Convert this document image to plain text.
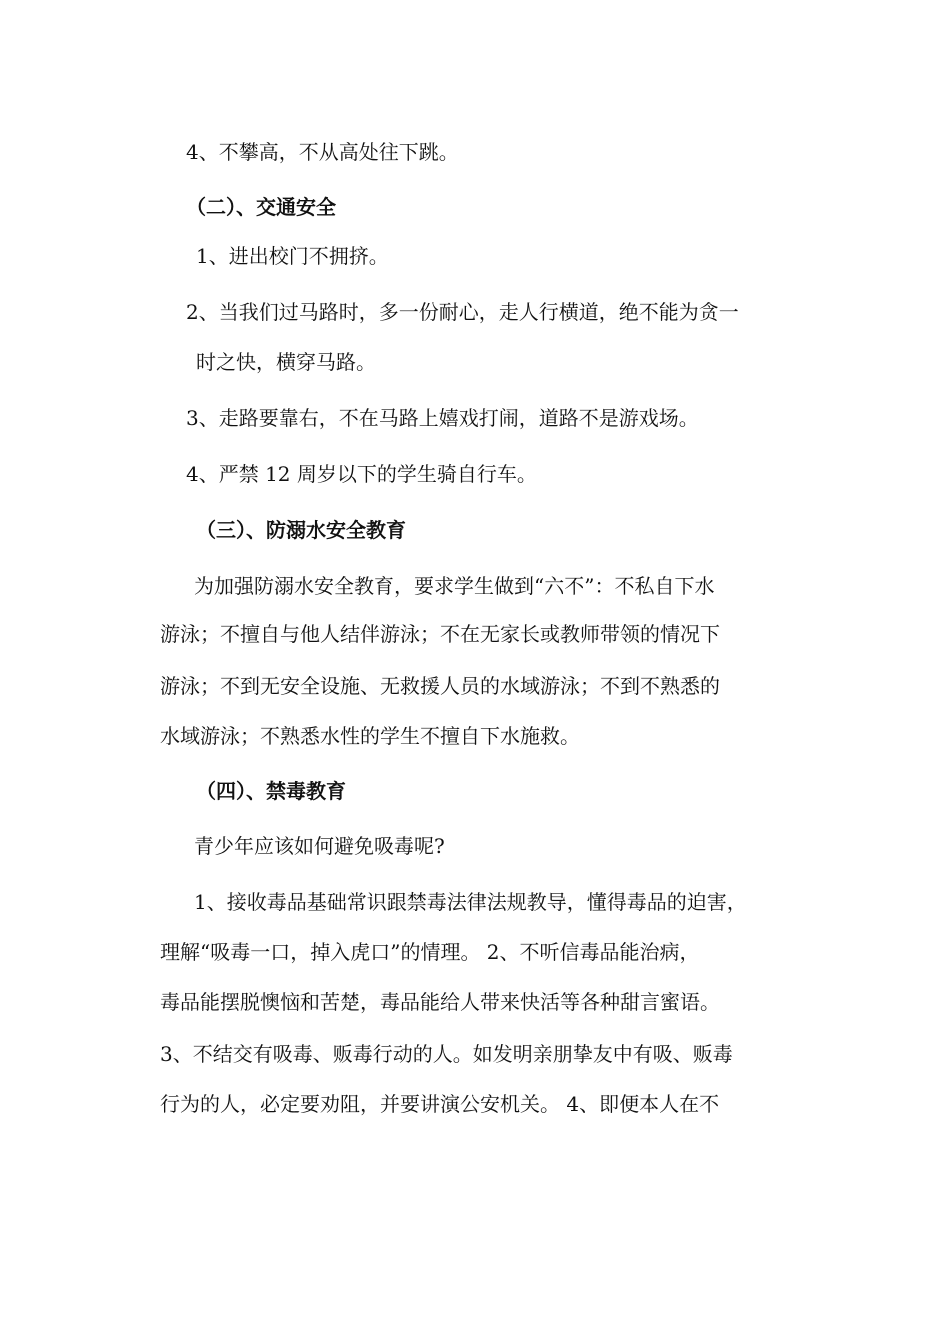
4、不攀高，不从高处往下跳。
（二）、交通安全
1、进出校门不拥挤。
2、当我们过马路时，多一份耐心，走人行横道，绝不能为贪一
时之快，横穿马路。
3、走路要靠右，不在马路上嬉戏打闹，道路不是游戏场。
4、严禁 12 周岁以下的学生骑自行车。
（三）、防溺水安全教育
为加强防溺水安全教育，要求学生做到“六不”：不私自下水
游泳；不擅自与他人结伴游泳；不在无家长或教师带领的情况下
游泳；不到无安全设施、无救援人员的水域游泳；不到不熟悉的
水域游泳；不熟悉水性的学生不擅自下水施救。
（四）、禁毒教育
青少年应该如何避免吸毒呢?
1、接收毒品基础常识跟禁毒法律法规教导，懂得毒品的迫害，
理解“吸毒一口，掉入虎口”的情理。 2、不听信毒品能治病，
毒品能摆脱懊恼和苦楚，毒品能给人带来快活等各种甜言蜜语。
3、不结交有吸毒、贩毒行动的人。如发明亲朋挚友中有吸、贩毒
行为的人，必定要劝阻，并要讲演公安机关。 4、即便本人在不
